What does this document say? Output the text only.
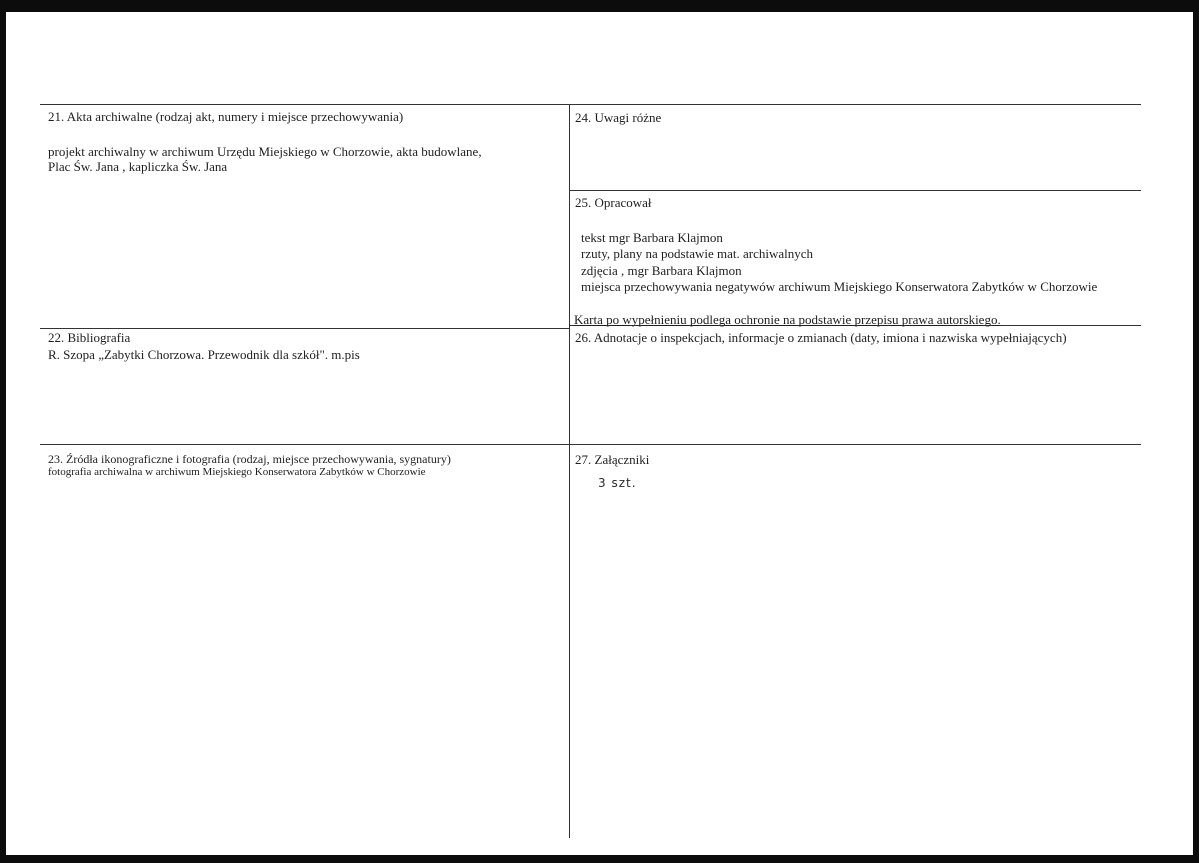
21. Akta archiwalne (rodzaj akt, numery i miejsce przechowywania)
projekt archiwalny w archiwum Urzędu Miejskiego w Chorzowie, akta budowlane,
Plac Św. Jana , kapliczka Św. Jana
22. Bibliografia
R. Szopa „Zabytki Chorzowa. Przewodnik dla szkół". m.pis
23. Źródła ikonograficzne i fotografia (rodzaj, miejsce przechowywania, sygnatury)
fotografia archiwalna w archiwum Miejskiego Konserwatora Zabytków w Chorzowie
24. Uwagi różne
25. Opracował
tekst mgr Barbara Klajmon
rzuty, plany na podstawie mat. archiwalnych
zdjęcia , mgr Barbara Klajmon
miejsca przechowywania negatywów archiwum Miejskiego Konserwatora Zabytków w Chorzowie
Karta po wypełnieniu podlega ochronie na podstawie przepisu prawa autorskiego.
26. Adnotacje o inspekcjach, informacje o zmianach (daty, imiona i nazwiska wypełniających)
27. Załączniki
3 szt.
